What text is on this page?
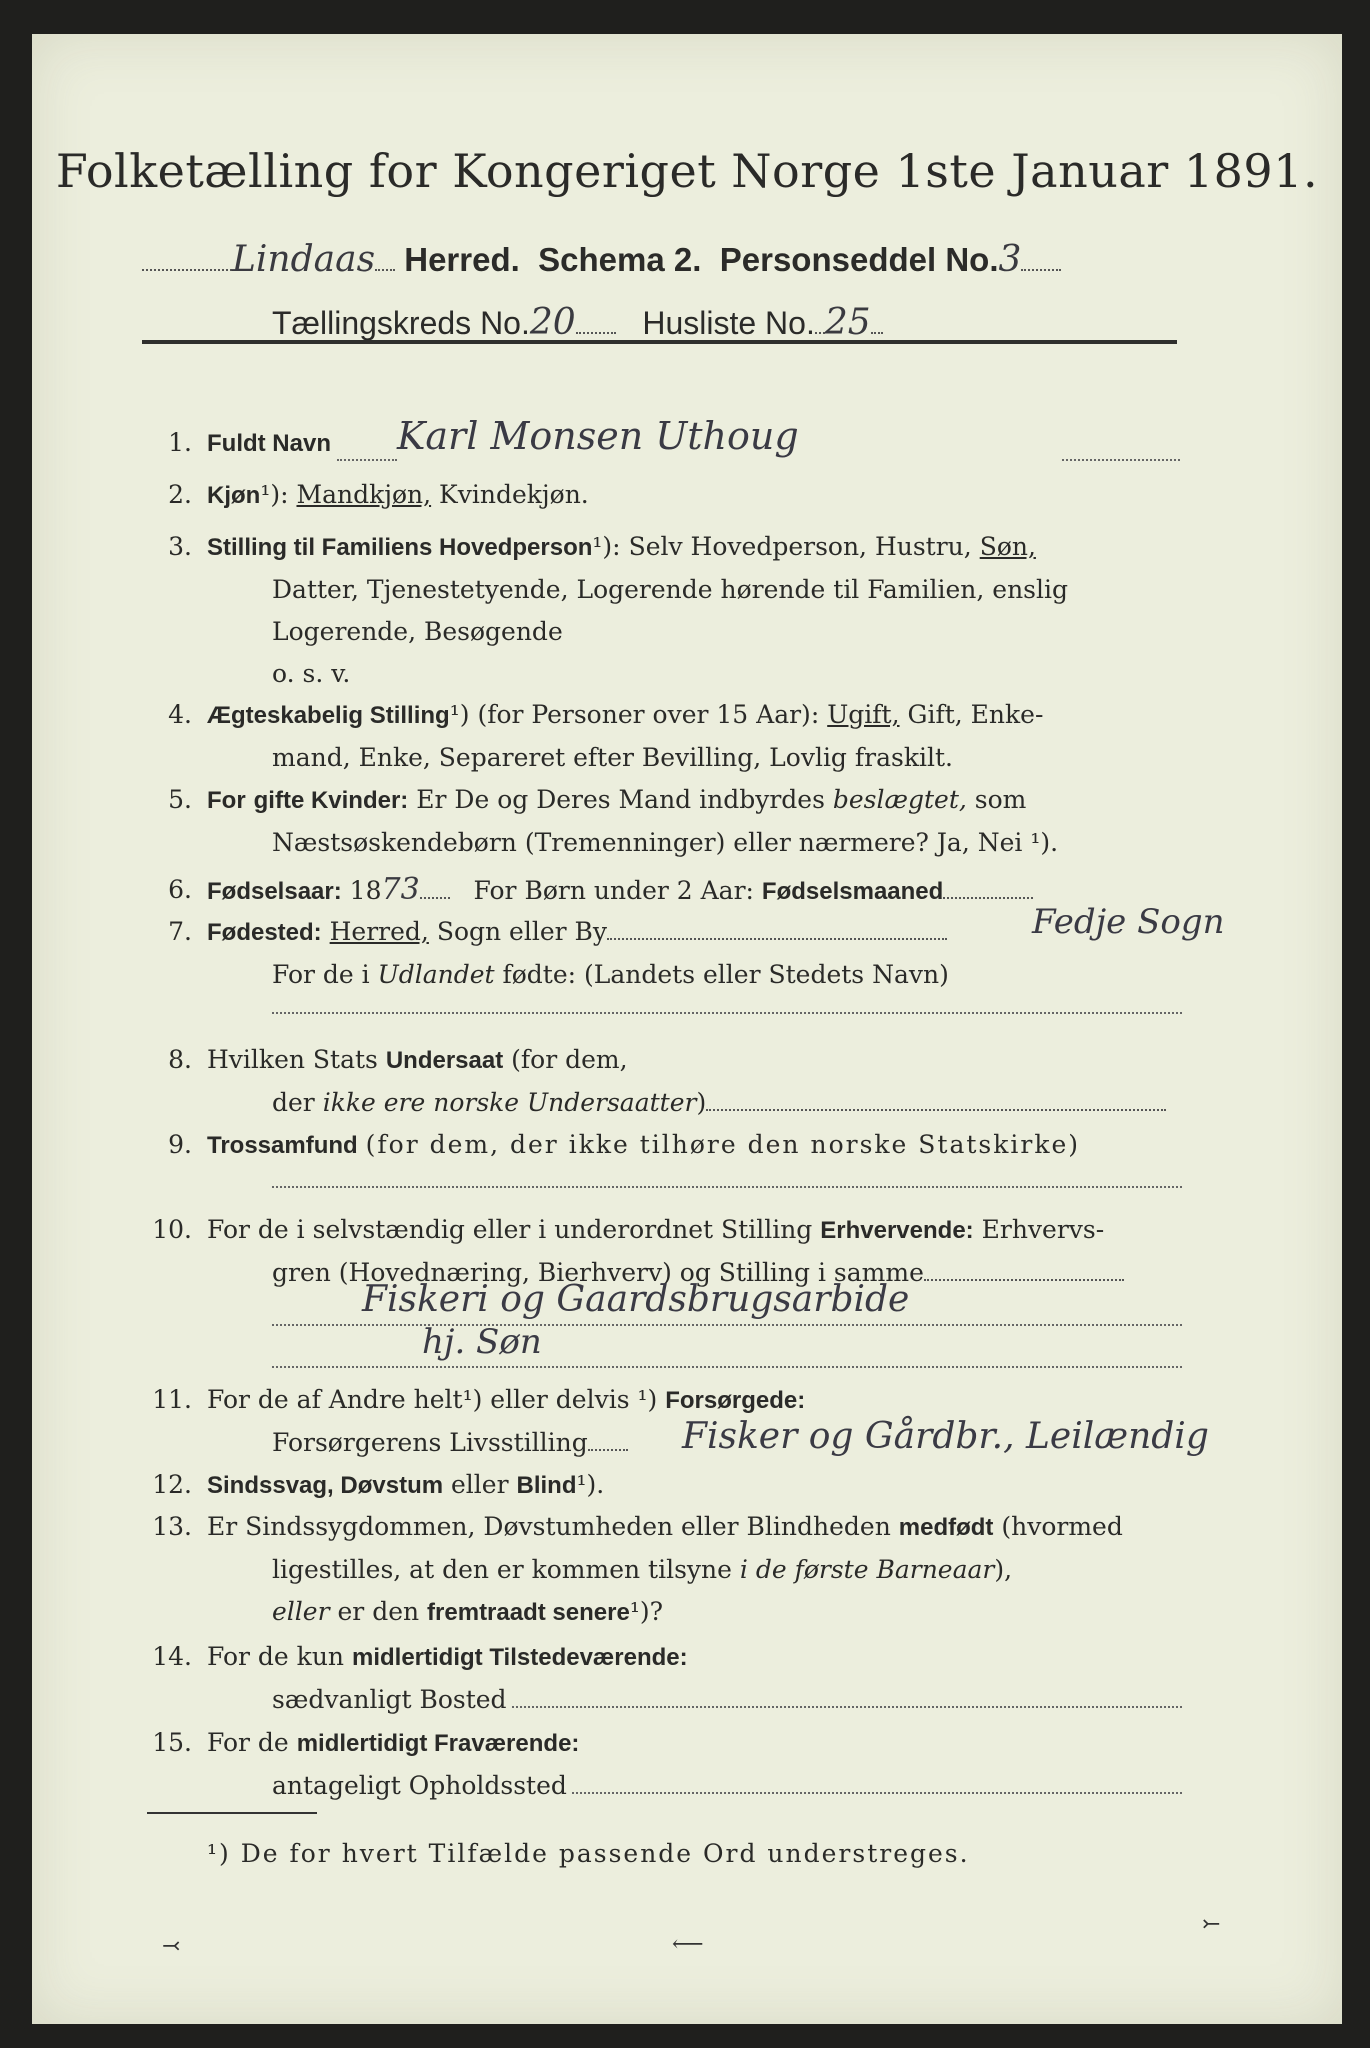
Folketælling for Kongeriget Norge 1ste Januar 1891.
Lindaas Herred. Schema 2. Personseddel No.3
Tællingskreds No.20 Husliste No. 25
1. Fuldt Navn Karl Monsen Uthoug
2. Kjøn¹): Mandkjøn, Kvindekjøn.
3. Stilling til Familiens Hovedperson¹): Selv Hovedperson, Hustru, Søn,
Datter, Tjenestetyende, Logerende hørende til Familien, enslig
Logerende, Besøgende
o. s. v.
4. Ægteskabelig Stilling¹) (for Personer over 15 Aar): Ugift, Gift, Enke-
mand, Enke, Separeret efter Bevilling, Lovlig fraskilt.
5. For gifte Kvinder: Er De og Deres Mand indbyrdes beslægtet, som
Næstsøskendebørn (Tremenninger) eller nærmere? Ja, Nei ¹).
6. Fødselsaar: 1873 For Børn under 2 Aar: Fødselsmaaned
7. Fødested: Herred, Sogn eller By
For de i Udlandet fødte: (Landets eller Stedets Navn)
Fedje Sogn
8. Hvilken Stats Undersaat (for dem,
der ikke ere norske Undersaatter)
9. Trossamfund (for dem, der ikke tilhøre den norske Statskirke)
10. For de i selvstændig eller i underordnet Stilling Erhvervende: Erhvervs-
gren (Hovednæring, Bierhverv) og Stilling i samme
Fiskeri og Gaardsbrugsarbide
hj. Søn
11. For de af Andre helt¹) eller delvis ¹) Forsørgede:
Forsørgerens Livsstilling	Fisker og Gårdbr., Leilændig
12. Sindssvag, Døvstum eller Blind¹).
13. Er Sindssygdommen, Døvstumheden eller Blindheden medfødt (hvormed
ligestilles, at den er kommen tilsyne i de første Barneaar),
eller er den fremtraadt senere¹)?
14. For de kun midlertidigt Tilstedeværende:
sædvanligt Bosted
15. For de midlertidigt Fraværende:
antageligt Opholdssted
¹) De for hvert Tilfælde passende Ord understreges.
⤙	⟵
⤚
